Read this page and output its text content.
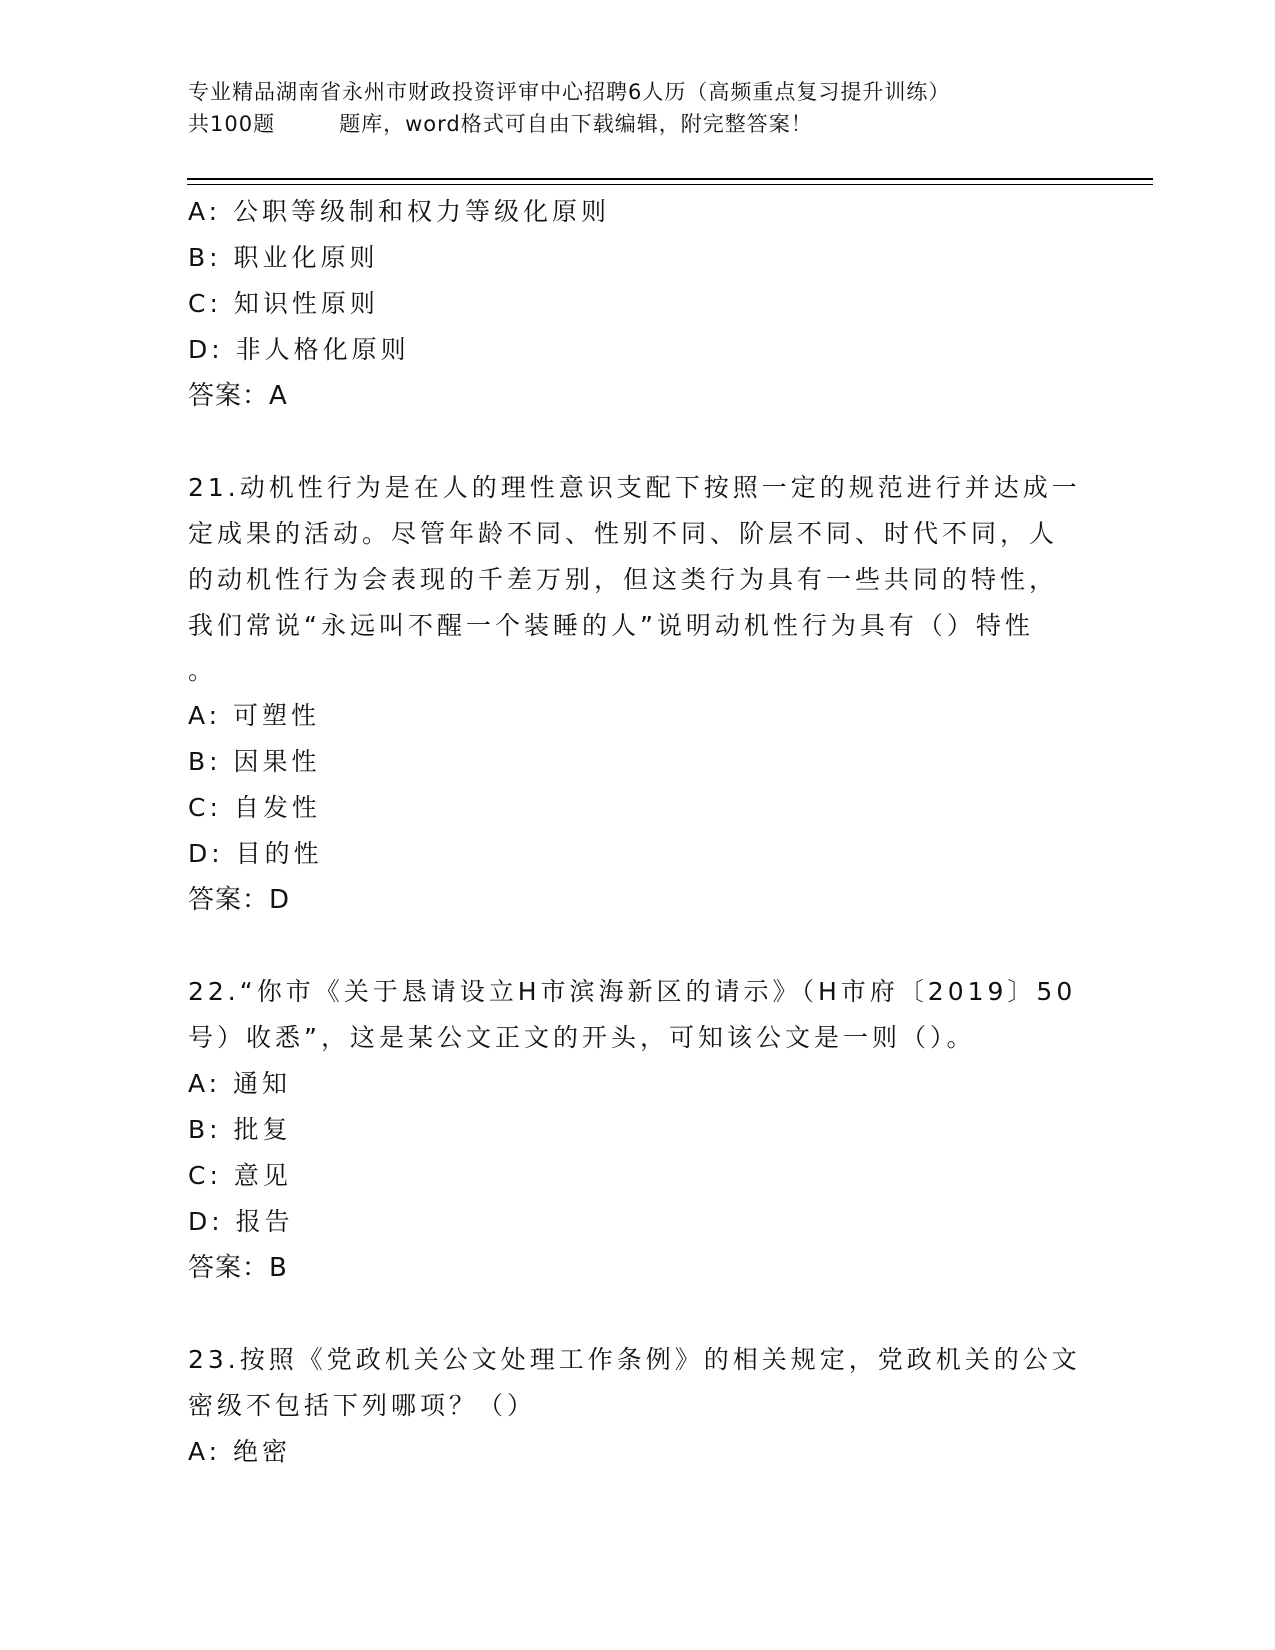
专业精品湖南省永州市财政投资评审中心招聘6人历（高频重点复习提升训练）
共100题	题库，word格式可自由下载编辑，附完整答案！
A: 公职等级制和权力等级化原则
B: 职业化原则
C: 知识性原则
D: 非人格化原则
答案：A
21.动机性行为是在人的理性意识支配下按照一定的规范进行并达成一
定成果的活动。尽管年龄不同、性别不同、阶层不同、时代不同，人
的动机性行为会表现的千差万别，但这类行为具有一些共同的特性，
我们常说“永远叫不醒一个装睡的人”说明动机性行为具有（）特性
。
A: 可塑性
B: 因果性
C: 自发性
D: 目的性
答案：D
22.“你市《关于恳请设立H市滨海新区的请示》（H市府〔2019〕50
号）收悉”，这是某公文正文的开头，可知该公文是一则（）。
A: 通知
B: 批复
C: 意见
D: 报告
答案：B
23.按照《党政机关公文处理工作条例》的相关规定，党政机关的公文
密级不包括下列哪项？（）
A: 绝密
